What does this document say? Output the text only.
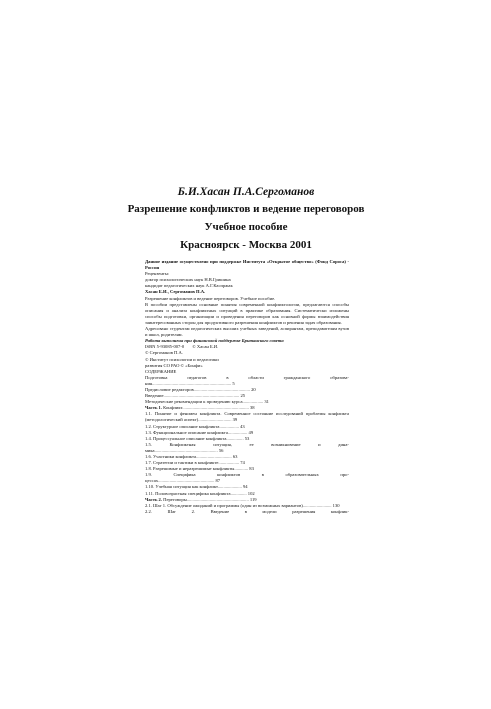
Б.И.Хасан П.А.Сергоманов
Разрешение конфликтов и ведение переговоров
Учебное пособие
Красноярск - Москва 2001
Данное издание осуществлено при поддержке Института «Открытое общество» (Фонд Сороса) - Россия
Рецензенты:
доктор психологических наук Н.В.Гришина
кандидат педагогических наук А.Г.Каспржак
Хасан Б.И., Сергоманов П.А.
Разрешение конфликтов и ведение переговоров. Учебное пособие.
В пособии представлены основные понятия современной конфликтологии, предлагаются способы описания и анализа конфликтных ситуаций в практике образования. Систематически изложены способы подготовки, организации и проведения переговоров как основной формы взаимодействия заинтересованных сторон для продуктивного разрешения конфликтов и решения задач образования.
Адресовано студентам педагогических высших учебных заведений, аспирантам, преподавателям вузов и школ, родителям.
Работа выполнена при финансовой поддержке Британского совета
ISBN 5-93085-007-0 © Хасан Б.И.
© Сергоманов П.А.
© Институт психологии и педагогики
развития СО РАО © «Бонфи»
СОДЕРЖАНИЕ
Подготовка	педагогов	в	области	гражданского	образова-
ния..................................................................... 5
Предисловие редакторов................................................. 20
Введение.................................................................. 25
Методические рекомендации к проведению курса.................. 31
Часть 1. Конфликт.......................................................... 38
1.1. Понятие и феномен конфликта. Современное состояние исследований проблемы конфликта (методологический аспект)............................. 39
1.2. Структурное описание конфликта................. 43
1.3. Функциональное описание конфликта................. 49
1.4. Процессуальное описание конфликта............... 53
1.5.	Конфликтная	ситуация,	ее	возникновение	и	дина-
мика....................................................... 56
1.6. Участники конфликта............................... 63
1.7. Стратегии и тактики в конфликте.................. 74
1.8. Разрешимые и неразрешимые конфликты............ 83
1.9.	Специфика	конфликтов	в	образовательных	про-
цессах................................................. 87
1.10. Учебная ситуация как конфликт..................... 94
1.11. Половозрастная специфика конфликта.............. 102
Часть 2. Переговоры...................................................... 119
2.1. Шаг 1. Обсуждение ожиданий и программы (один из возможных вариантов)......................... 130
2.2.	Шаг	2.	Введение	в	модели	разрешения	конфлик-
